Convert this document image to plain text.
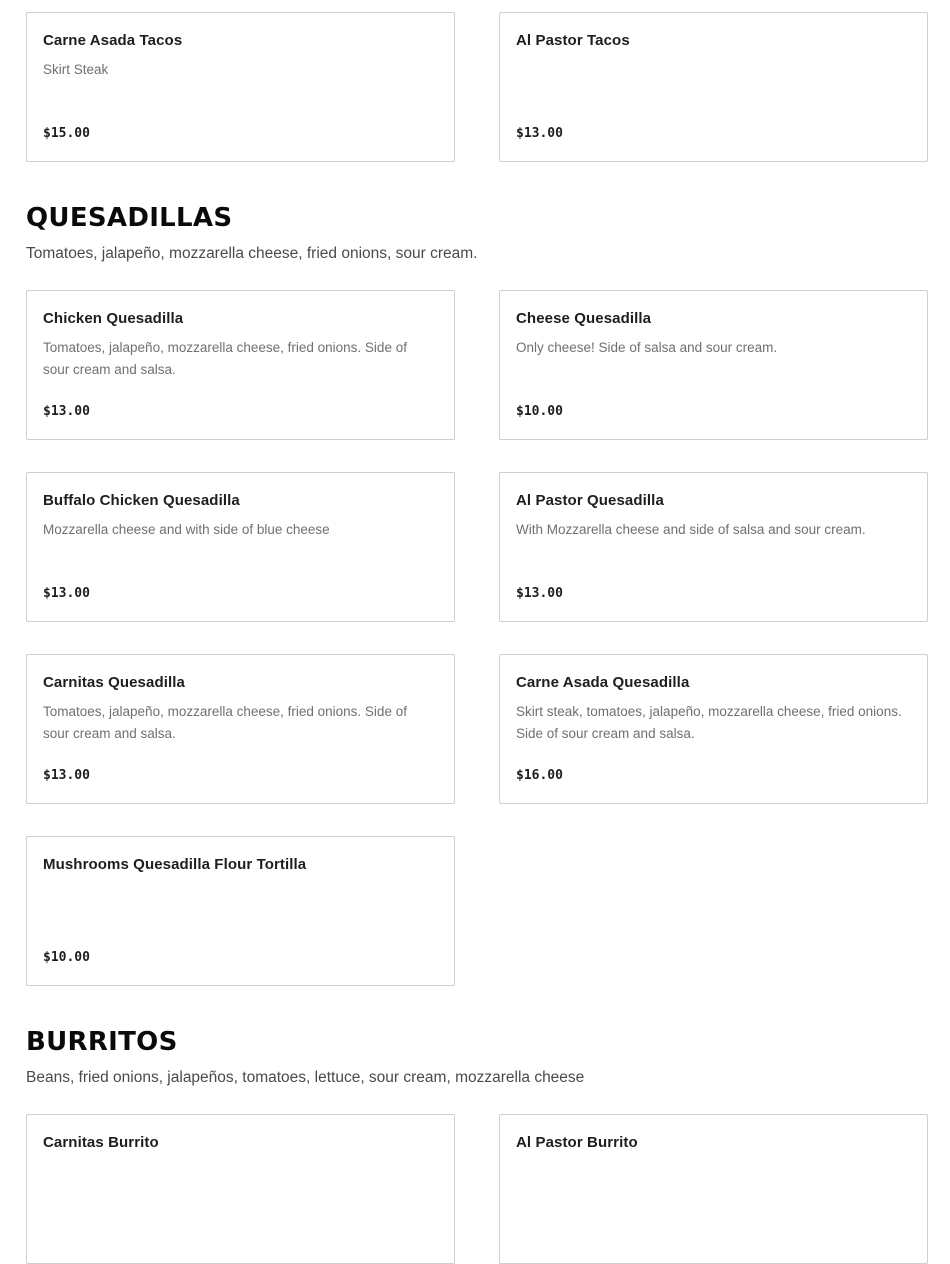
Carne Asada Tacos
Skirt Steak
$15.00
Al Pastor Tacos
$13.00
QUESADILLAS

Tomatoes, jalapeño, mozzarella cheese, fried onions, sour cream.

Chicken Quesadilla
Tomatoes, jalapeño, mozzarella cheese, fried onions. Side of sour cream and salsa.
$13.00
Cheese Quesadilla
Only cheese! Side of salsa and sour cream.
$10.00
Buffalo Chicken Quesadilla
Mozzarella cheese and with side of blue cheese
$13.00
Al Pastor Quesadilla
With Mozzarella cheese and side of salsa and sour cream.
$13.00
Carnitas Quesadilla
Tomatoes, jalapeño, mozzarella cheese, fried onions. Side of sour cream and salsa.
$13.00
Carne Asada Quesadilla
Skirt steak, tomatoes, jalapeño, mozzarella cheese, fried onions. Side of sour cream and salsa.
$16.00
Mushrooms Quesadilla Flour Tortilla
$10.00
BURRITOS

Beans, fried onions, jalapeños, tomatoes, lettuce, sour cream, mozzarella cheese

Carnitas Burrito	Al Pastor Burrito
